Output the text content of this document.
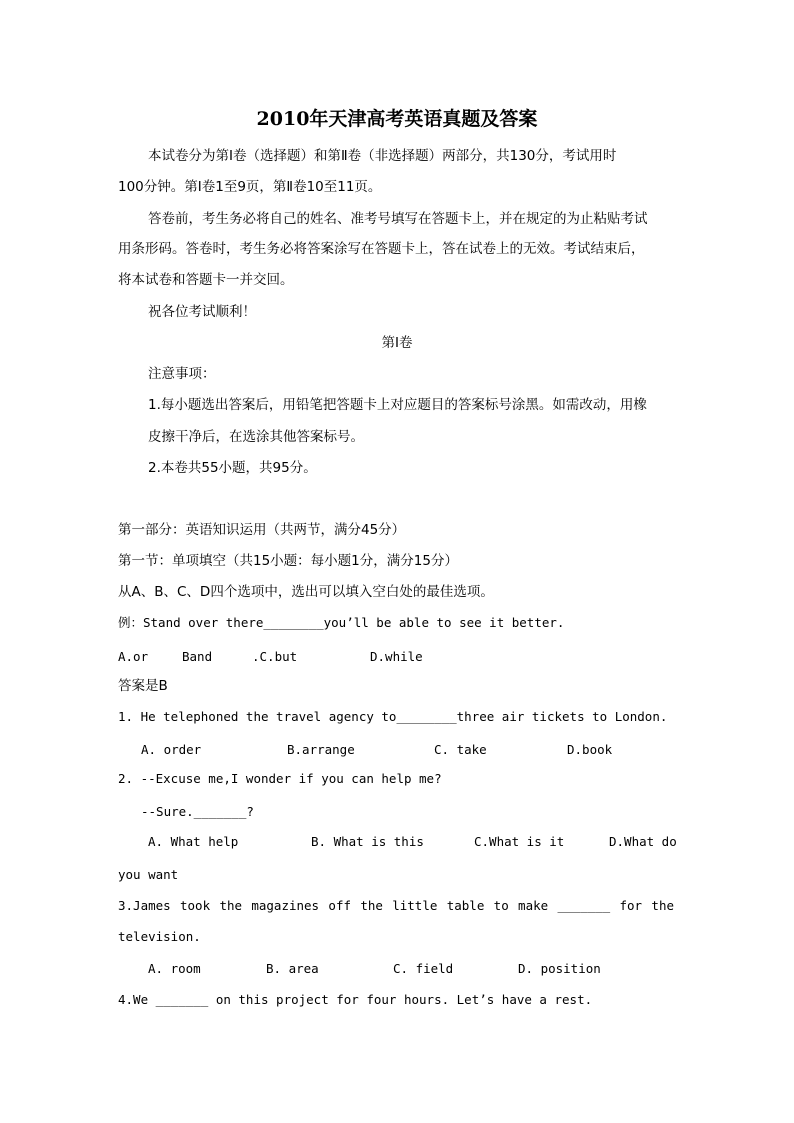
2010年天津高考英语真题及答案
本试卷分为第Ⅰ卷（选择题）和第Ⅱ卷（非选择题）两部分，共130分，考试用时
100分钟。第Ⅰ卷1至9页，第Ⅱ卷10至11页。
答卷前，考生务必将自己的姓名、准考号填写在答题卡上，并在规定的为止粘贴考试
用条形码。答卷时，考生务必将答案涂写在答题卡上，答在试卷上的无效。考试结束后，
将本试卷和答题卡一并交回。
祝各位考试顺利！
第Ⅰ卷
注意事项：
1.每小题选出答案后，用铅笔把答题卡上对应题目的答案标号涂黑。如需改动，用橡
皮擦干净后，在选涂其他答案标号。
2.本卷共55小题，共95分。
第一部分：英语知识运用（共两节，满分45分）
第一节：单项填空（共15小题：每小题1分，满分15分）
从A、B、C、D四个选项中，选出可以填入空白处的最佳选项。
例：Stand over there________you’ll be able to see it better.
A.or	Band	.C.but	D.while
答案是B
1. He telephoned the travel agency to________three air tickets to London.
A. order	B.arrange	C. take	D.book
2. --Excuse me,I wonder if you can help me?
--Sure._______?
A. What help	B. What is this	C.What is it	D.What do
you want
3.James took the magazines off the little table to make _______ for the
television.
A. room	B. area	C. field	D. position
4.We _______ on this project for four hours. Let’s have a rest.
